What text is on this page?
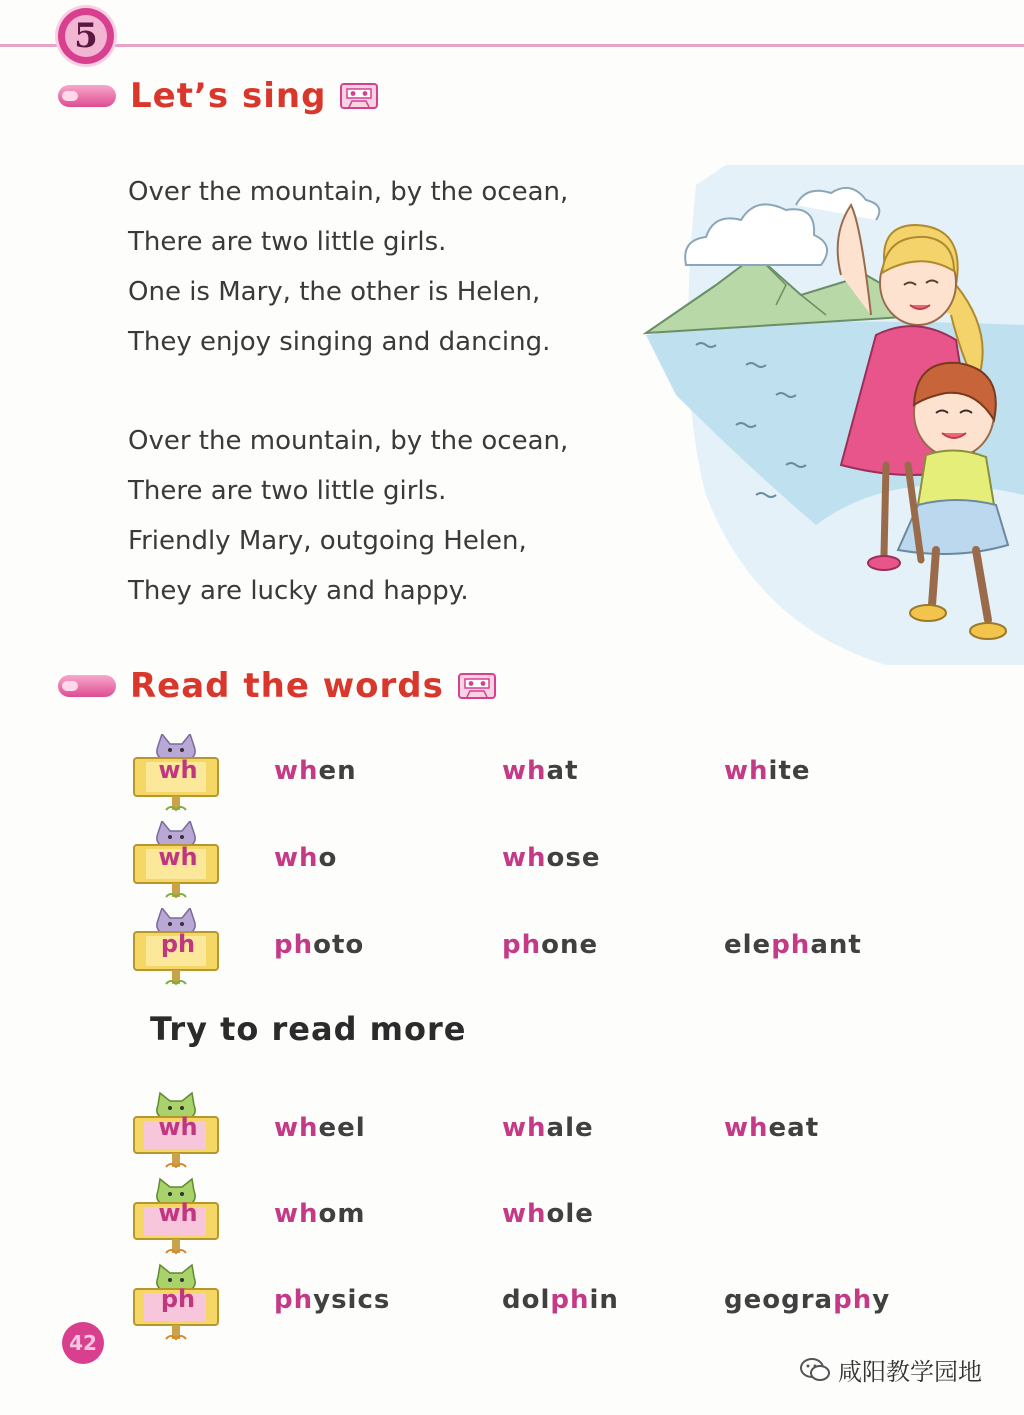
5
Let’s sing
Over the mountain, by the ocean,
There are two little girls.
One is Mary, the other is Helen,
They enjoy singing and dancing.
Over the mountain, by the ocean,
There are two little girls.
Friendly Mary, outgoing Helen,
They are lucky and happy.
Read the words
wh	when	what	white
wh	who	whose
ph	photo	phone	elephant
Try to read more
wh	wheel	whale	wheat
wh	whom	whole
ph	physics	dolphin	geography
42
咸阳教学园地
